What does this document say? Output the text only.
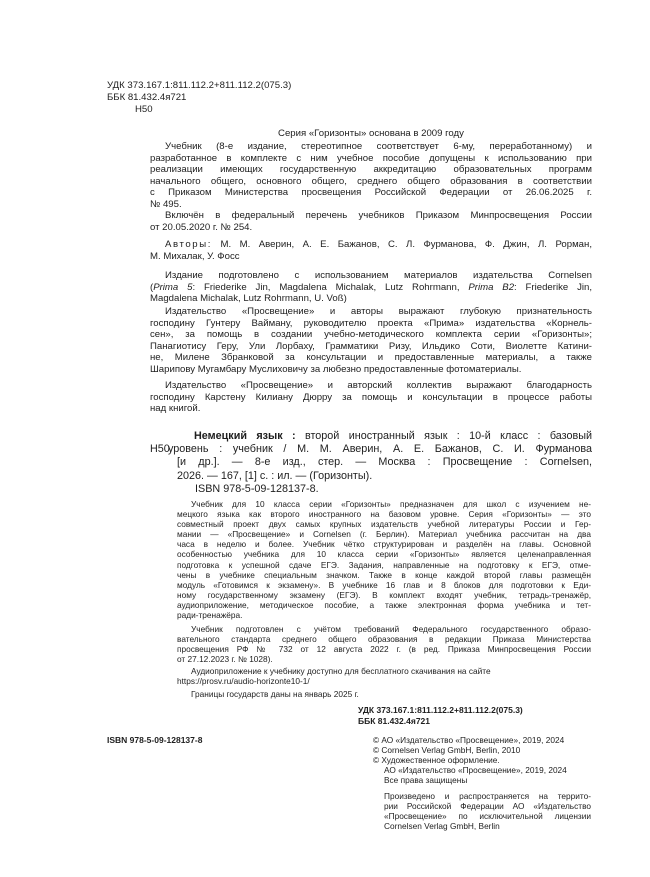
УДК 373.167.1:811.112.2+811.112.2(075.3)
ББК 81.432.4я721
Н50
Серия «Горизонты» основана в 2009 году
Учебник (8-е издание, стереотипное соответствует 6-му, переработанному) и
разработанное в комплекте с ним учебное пособие допущены к использованию при
реализации имеющих государственную аккредитацию образовательных программ
начального общего, основного общего, среднего общего образования в соответствии
с Приказом Министерства просвещения Российской Федерации от 26.06.2025 г.
№ 495.
Включён в федеральный перечень учебников Приказом Минпросвещения России
от 20.05.2020 г. № 254.
Авторы: М. М. Аверин, А. Е. Бажанов, С. Л. Фурманова, Ф. Джин, Л. Рорман,
М. Михалак, У. Фосс
Издание подготовлено с использованием материалов издательства Cornelsen
(Prima 5: Friederike Jin, Magdalena Michalak, Lutz Rohrmann, Prima B2: Friederike Jin,
Magdalena Michalak, Lutz Rohrmann, U. Voß)
Издательство «Просвещение» и авторы выражают глубокую признательность
господину Гунтеру Вайману, руководителю проекта «Прима» издательства «Корнель-
сен», за помощь в создании учебно-методического комплекта серии «Горизонты»;
Панагиотису Геру, Ули Лорбаху, Грамматики Ризу, Ильдико Соти, Виолетте Катини-
не, Милене Збранковой за консультации и предоставленные материалы, а также
Шарипову Мугамбару Муслиховичу за любезно предоставленные фотоматериалы.
Издательство «Просвещение» и авторский коллектив выражают благодарность
господину Карстену Килиану Дюрру за помощь и консультации в процессе работы
над книгой.
Немецкий язык : второй иностранный язык : 10-й класс : базовый
уровень : учебник / М. М. Аверин, А. Е. Бажанов, С. И. Фурманова
[и др.]. — 8-е изд., стер. — Москва : Просвещение : Cornelsen,
2026. — 167, [1] с. : ил. — (Горизонты).
ISBN 978-5-09-128137-8.
Н50
Учебник для 10 класса серии «Горизонты» предназначен для школ с изучением не-
мецкого языка как второго иностранного на базовом уровне. Серия «Горизонты» — это
совместный проект двух самых крупных издательств учебной литературы России и Гер-
мании — «Просвещение» и Cornelsen (г. Берлин). Материал учебника рассчитан на два
часа в неделю и более. Учебник чётко структурирован и разделён на главы. Основной
особенностью учебника для 10 класса серии «Горизонты» является целенаправленная
подготовка к успешной сдаче ЕГЭ. Задания, направленные на подготовку к ЕГЭ, отме-
чены в учебнике специальным значком. Также в конце каждой второй главы размещён
модуль «Готовимся к экзамену». В учебнике 16 глав и 8 блоков для подготовки к Еди-
ному государственному экзамену (ЕГЭ). В комплект входят учебник, тетрадь-тренажёр,
аудиоприложение, методическое пособие, а также электронная форма учебника и тет-
ради-тренажёра.
Учебник подготовлен с учётом требований Федерального государственного образо-
вательного стандарта среднего общего образования в редакции Приказа Министерства
просвещения РФ № 732 от 12 августа 2022 г. (в ред. Приказа Минпросвещения России
от 27.12.2023 г. № 1028).
Аудиоприложение к учебнику доступно для бесплатного скачивания на сайте
https://prosv.ru/audio-horizonte10-1/
Границы государств даны на январь 2025 г.
УДК 373.167.1:811.112.2+811.112.2(075.3)
ББК 81.432.4я721
ISBN 978-5-09-128137-8	© АО «Издательство «Просвещение», 2019, 2024
© Cornelsen Verlag GmbH, Berlin, 2010
© Художественное оформление.
АО «Издательство «Просвещение», 2019, 2024
Все права защищены
Произведено и распространяется на террито-
рии Российской Федерации АО «Издательство
«Просвещение» по исключительной лицензии
Cornelsen Verlag GmbH, Berlin
